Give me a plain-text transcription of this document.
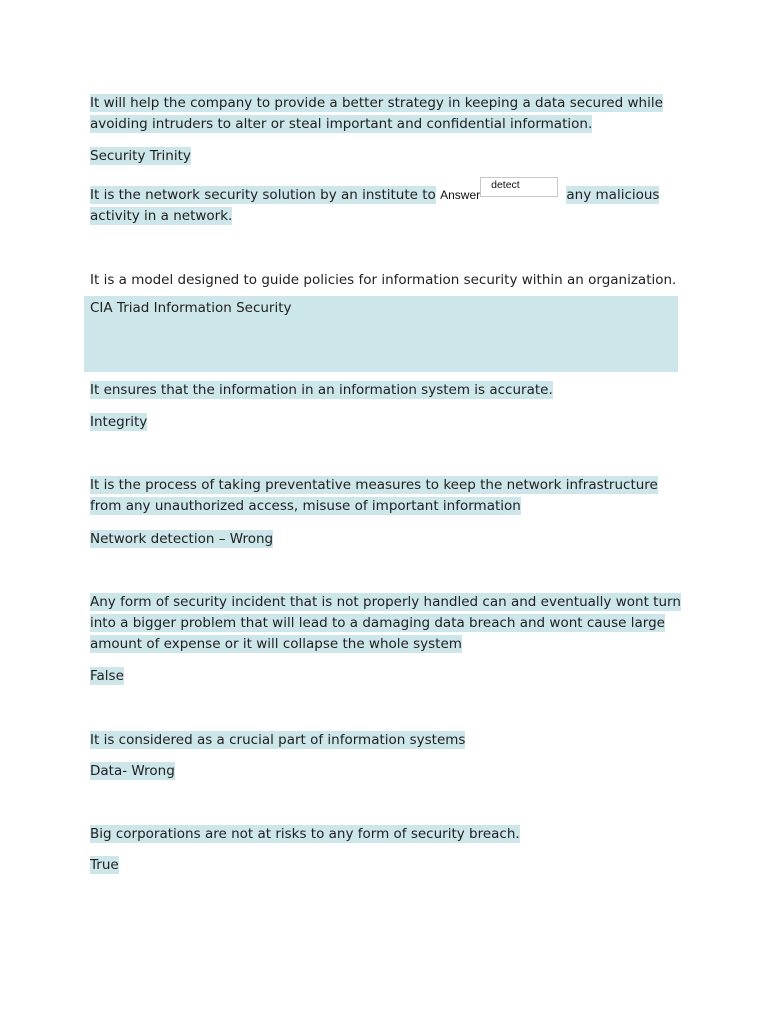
It will help the company to provide a better strategy in keeping a data secured while avoiding intruders to alter or steal important and confidential information.
Security Trinity
It is the network security solution by an institute to Answerdetect any malicious activity in a network.
It is a model designed to guide policies for information security within an organization.
CIA Triad Information Security
It ensures that the information in an information system is accurate.
Integrity
It is the process of taking preventative measures to keep the network infrastructure from any unauthorized access, misuse of important information
Network detection – Wrong
Any form of security incident that is not properly handled can and eventually wont turn into a bigger problem that will lead to a damaging data breach and wont cause large amount of expense or it will collapse the whole system
False
It is considered as a crucial part of information systems
Data- Wrong
Big corporations are not at risks to any form of security breach.
True
